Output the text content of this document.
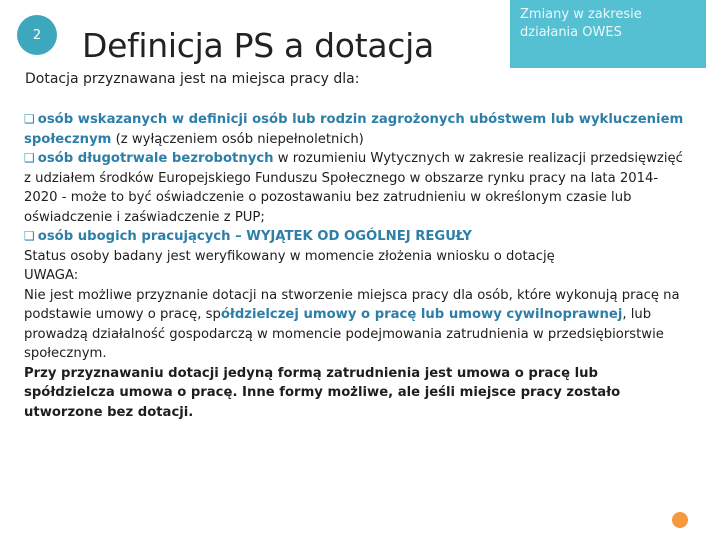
2 Definicja PS a dotacja
Zmiany w zakresie działania OWES
Dotacja przyznawana jest na miejsca pracy dla:

❑ osób wskazanych w definicji osób lub rodzin zagrożonych ubóstwem lub wykluczeniem społecznym (z wyłączeniem osób niepełnoletnich)

❑ osób długotrwale bezrobotnych w rozumieniu Wytycznych w zakresie realizacji przedsięwzięć z udziałem środków Europejskiego Funduszu Społecznego w obszarze rynku pracy na lata 2014-2020 - może to być oświadczenie o pozostawaniu bez zatrudnieniu w określonym czasie lub oświadczenie i zaświadczenie z PUP;

❑ osób ubogich pracujących – WYJĄTEK OD OGÓLNEJ REGUŁY

Status osoby badany jest weryfikowany w momencie złożenia wniosku o dotację

UWAGA:

Nie jest możliwe przyznanie dotacji na stworzenie miejsca pracy dla osób, które wykonują pracę na podstawie umowy o pracę, spółdzielczej umowy o pracę lub umowy cywilnoprawnej, lub prowadzą działalność gospodarczą w momencie podejmowania zatrudnienia w przedsiębiorstwie społecznym.

Przy przyznawaniu dotacji jedyną formą zatrudnienia jest umowa o pracę lub spółdzielcza umowa o pracę. Inne formy możliwe, ale jeśli miejsce pracy zostało utworzone bez dotacji.
